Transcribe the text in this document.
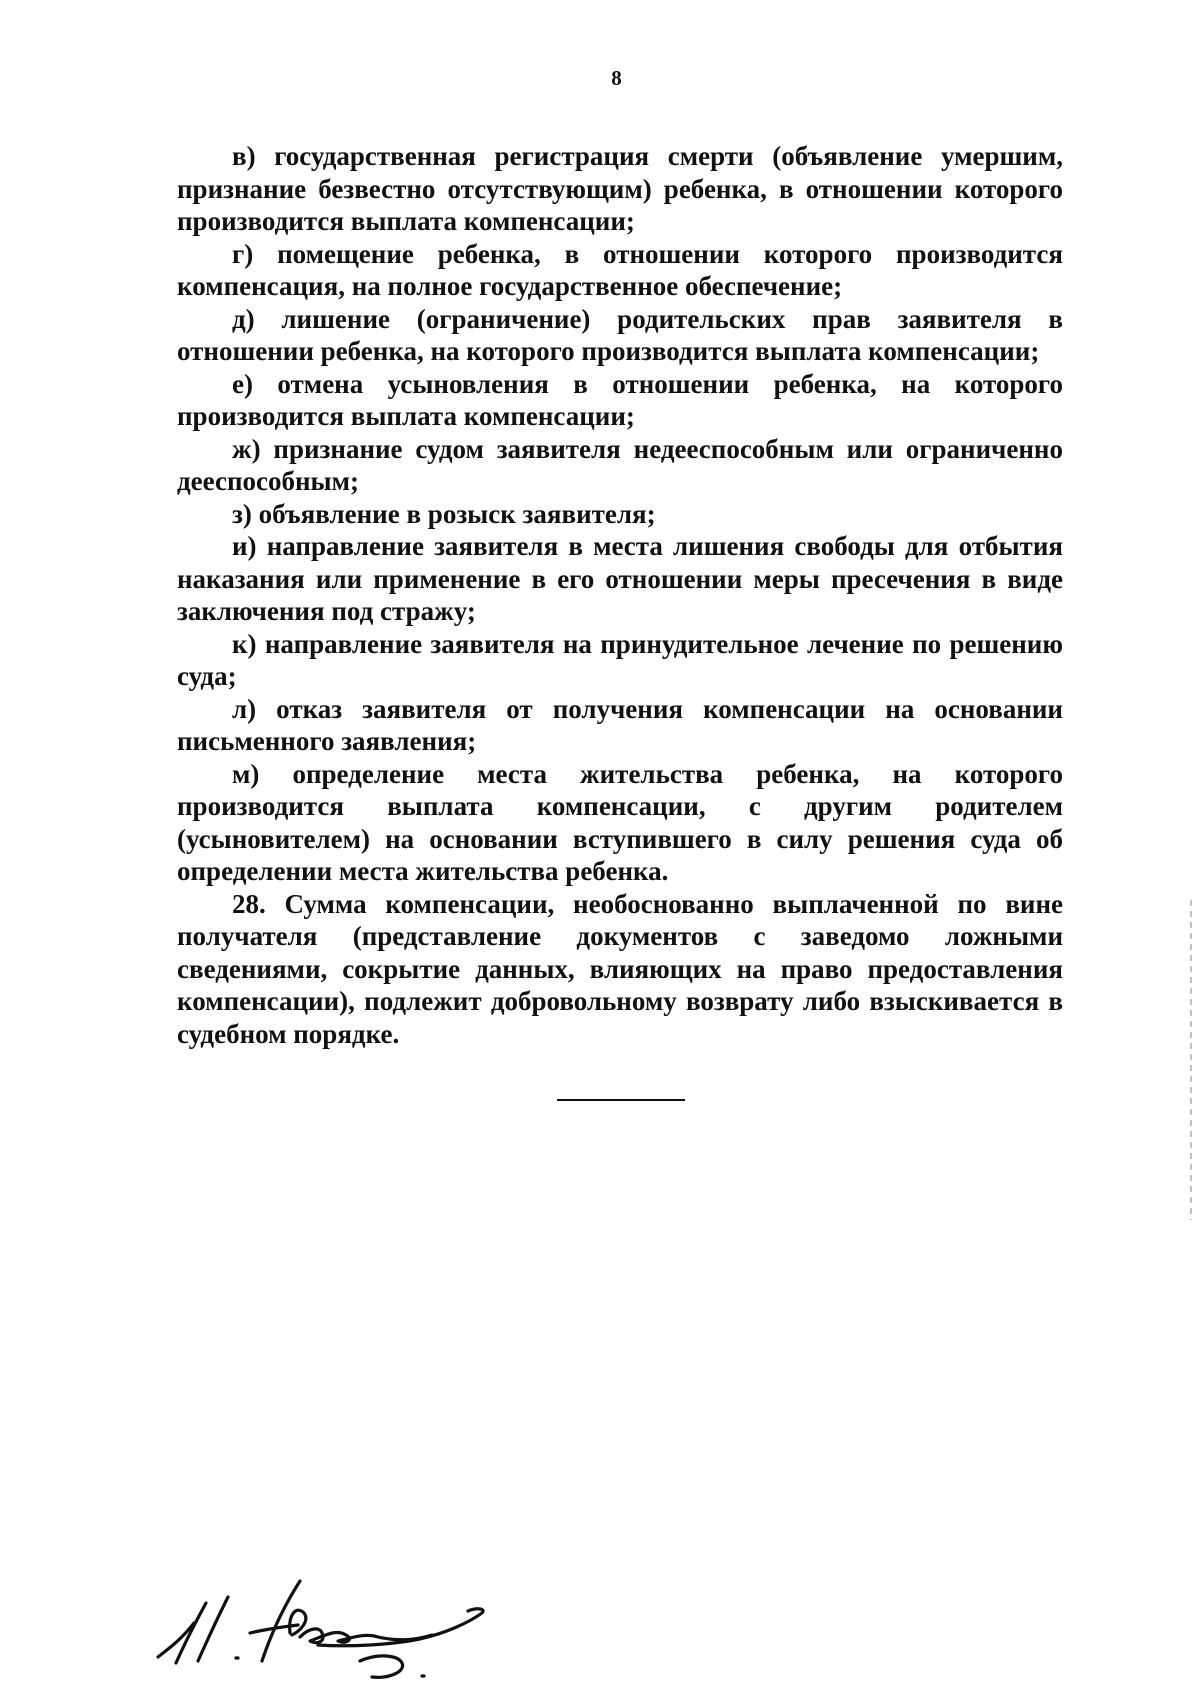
8

в) государственная регистрация смерти (объявление умершим, признание безвестно отсутствующим) ребенка, в отношении которого производится выплата компенсации;

г) помещение ребенка, в отношении которого производится компенсация, на полное государственное обеспечение;

д) лишение (ограничение) родительских прав заявителя в отношении ребенка, на которого производится выплата компенсации;

е) отмена усыновления в отношении ребенка, на которого производится выплата компенсации;

ж) признание судом заявителя недееспособным или ограниченно дееспособным;

з) объявление в розыск заявителя;

и) направление заявителя в места лишения свободы для отбытия наказания или применение в его отношении меры пресечения в виде заключения под стражу;

к) направление заявителя на принудительное лечение по решению суда;

л) отказ заявителя от получения компенсации на основании письменного заявления;

м) определение места жительства ребенка, на которого производится выплата компенсации, с другим родителем (усыновителем) на основании вступившего в силу решения суда об определении места жительства ребенка.

28. Сумма компенсации, необоснованно выплаченной по вине получателя (представление документов с заведомо ложными сведениями, сокрытие данных, влияющих на право предоставления компенсации), подлежит добровольному возврату либо взыскивается в судебном порядке.
